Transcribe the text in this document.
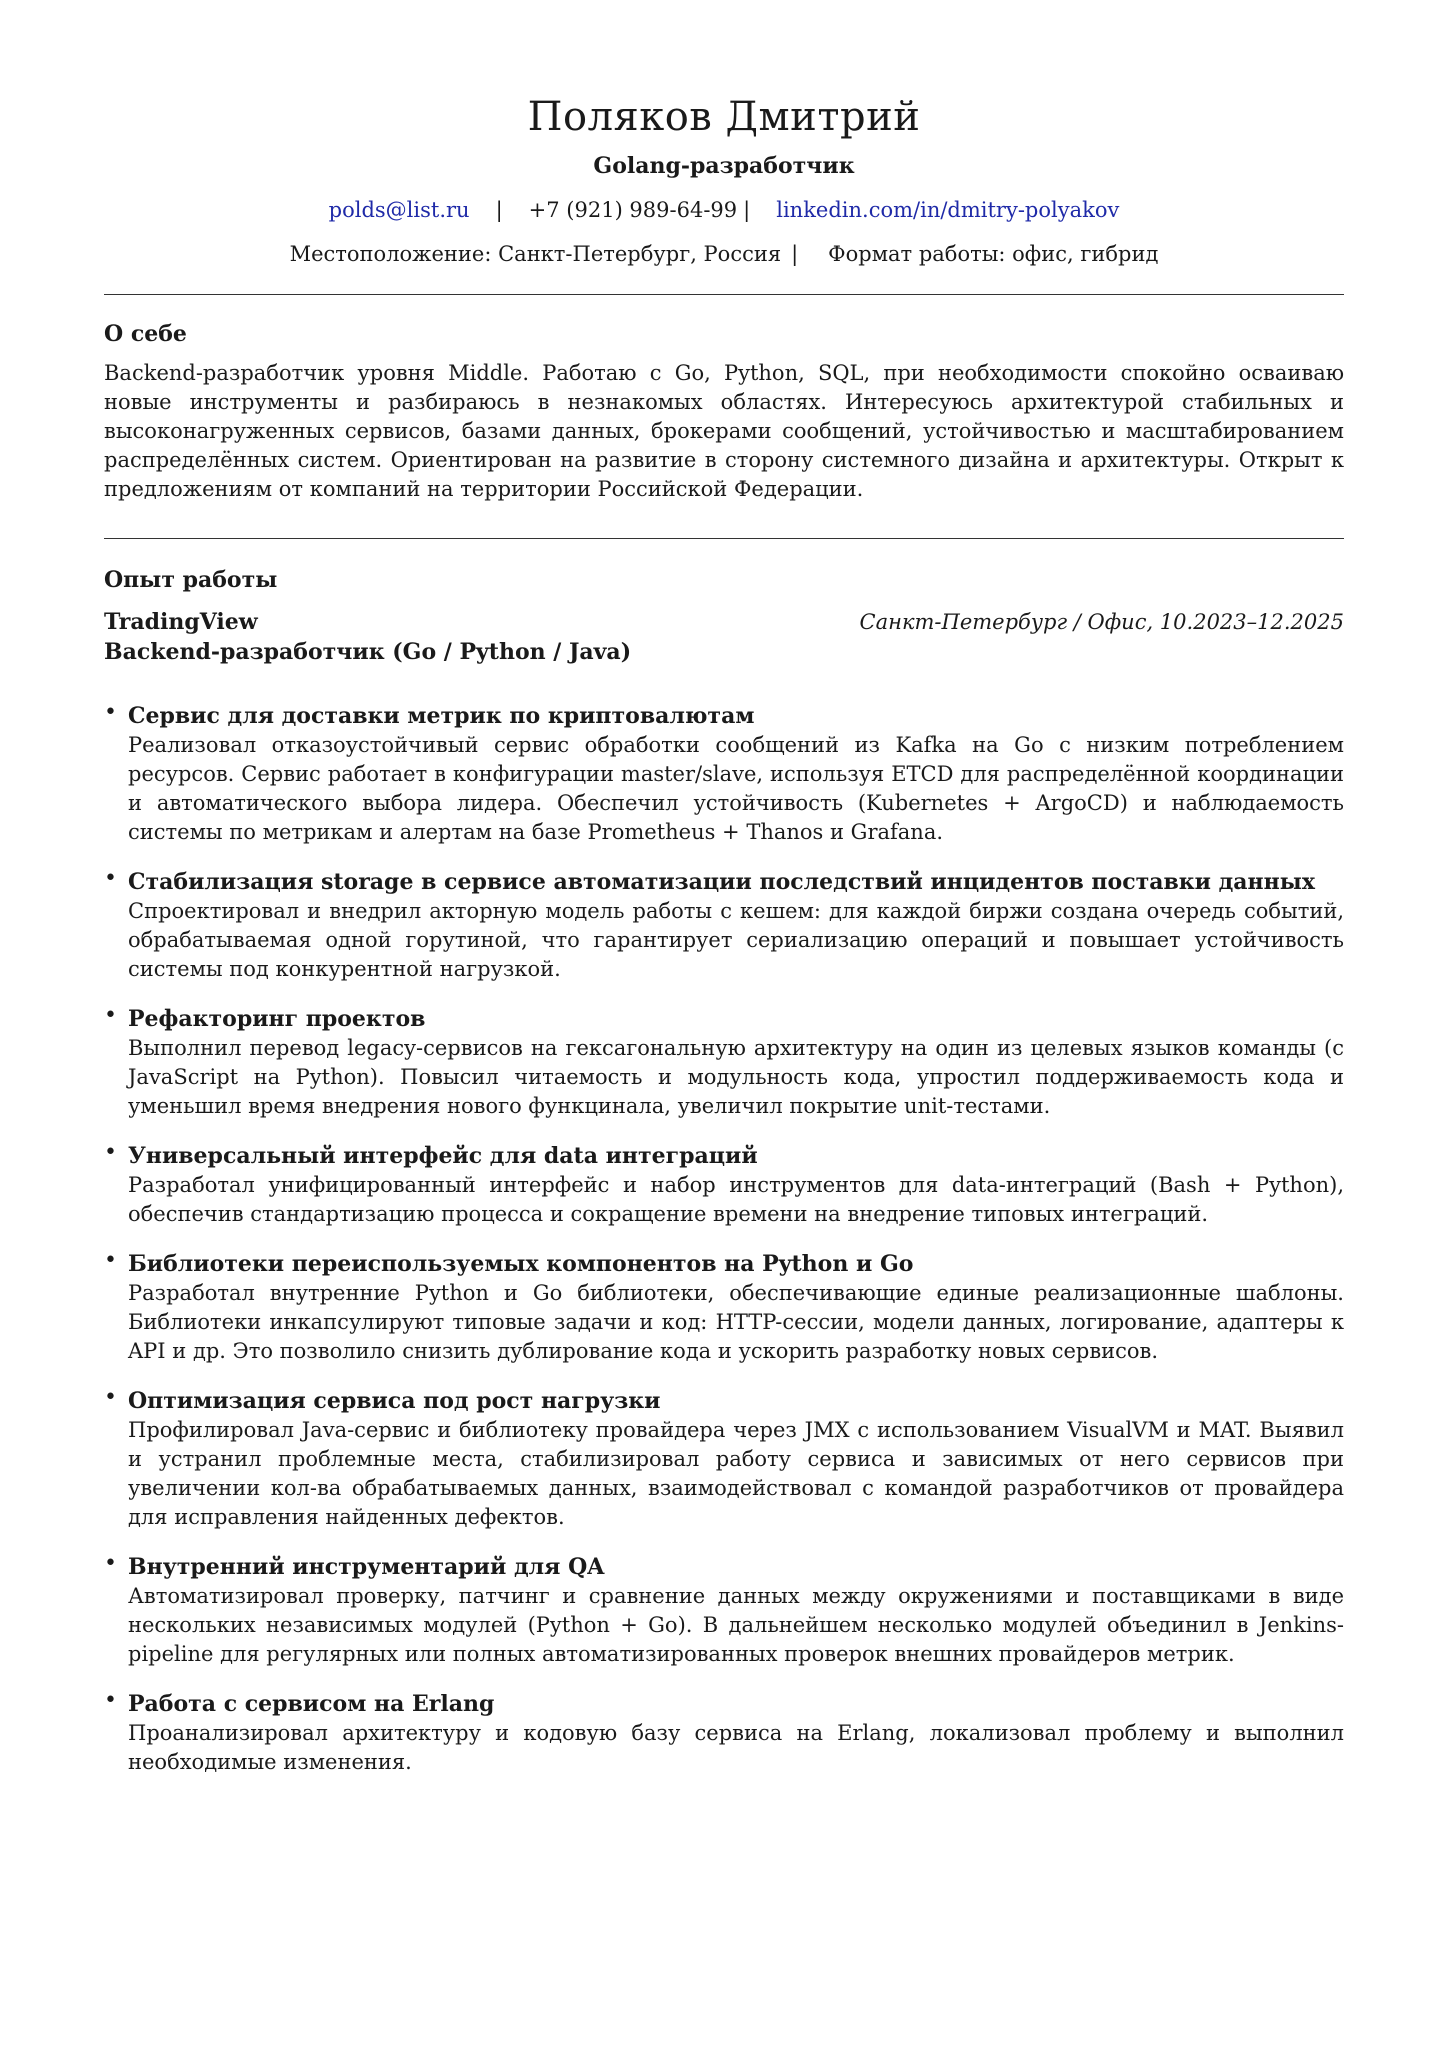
Поляков Дмитрий
Golang-разработчик
polds@list.ru | +7 (921) 989-64-99 | linkedin.com/in/dmitry-polyakov
Местоположение: Санкт-Петербург, Россия | Формат работы: офис, гибрид
О себе

Backend-разработчик уровня Middle. Работаю с Go, Python, SQL, при необходимости спокойно осваиваю новые инструменты и разбираюсь в незнакомых областях. Интересуюсь архитектурой стабильных и высоконагруженных сервисов, базами данных, брокерами сообщений, устойчивостью и масштабированием распределённых систем. Ориентирован на развитие в сторону системного дизайна и архитектуры. Открыт к предложениям от компаний на территории Российской Федерации.

Опыт работы
TradingView	Санкт-Петербург / Офис, 10.2023–12.2025
Backend-разработчик (Go / Python / Java)
• Сервис для доставки метрик по криптовалютам
Реализовал отказоустойчивый сервис обработки сообщений из Kafka на Go с низким потреблением ресурсов. Сервис работает в конфигурации master/slave, используя ETCD для распределённой координации и автоматического выбора лидера. Обеспечил устойчивость (Kubernetes + ArgoCD) и наблюдаемость системы по метрикам и алертам на базе Prometheus + Thanos и Grafana.
• Стабилизация storage в сервисе автоматизации последствий инцидентов поставки данных
Спроектировал и внедрил акторную модель работы с кешем: для каждой биржи создана очередь событий, обрабатываемая одной горутиной, что гарантирует сериализацию операций и повышает устойчивость системы под конкурентной нагрузкой.
• Рефакторинг проектов
Выполнил перевод legacy-сервисов на гексагональную архитектуру на один из целевых языков команды (с JavaScript на Python). Повысил читаемость и модульность кода, упростил поддерживаемость кода и уменьшил время внедрения нового функцинала, увеличил покрытие unit-тестами.
• Универсальный интерфейс для data интеграций
Разработал унифицированный интерфейс и набор инструментов для data-интеграций (Bash + Python), обеспечив стандартизацию процесса и сокращение времени на внедрение типовых интеграций.
• Библиотеки переиспользуемых компонентов на Python и Go
Разработал внутренние Python и Go библиотеки, обеспечивающие единые реализационные шаблоны. Библиотеки инкапсулируют типовые задачи и код: HTTP-сессии, модели данных, логирование, адаптеры к API и др. Это позволило снизить дублирование кода и ускорить разработку новых сервисов.
• Оптимизация сервиса под рост нагрузки
Профилировал Java-сервис и библиотеку провайдера через JMX с использованием VisualVM и MAT. Выявил и устранил проблемные места, стабилизировал работу сервиса и зависимых от него сервисов при увеличении кол-ва обрабатываемых данных, взаимодействовал с командой разработчиков от провайдера для исправления найденных дефектов.
• Внутренний инструментарий для QA
Автоматизировал проверку, патчинг и сравнение данных между окружениями и поставщиками в виде нескольких независимых модулей (Python + Go). В дальнейшем несколько модулей объединил в Jenkins-pipeline для регулярных или полных автоматизированных проверок внешних провайдеров метрик.
• Работа с сервисом на Erlang
Проанализировал архитектуру и кодовую базу сервиса на Erlang, локализовал проблему и выполнил необходимые изменения.
